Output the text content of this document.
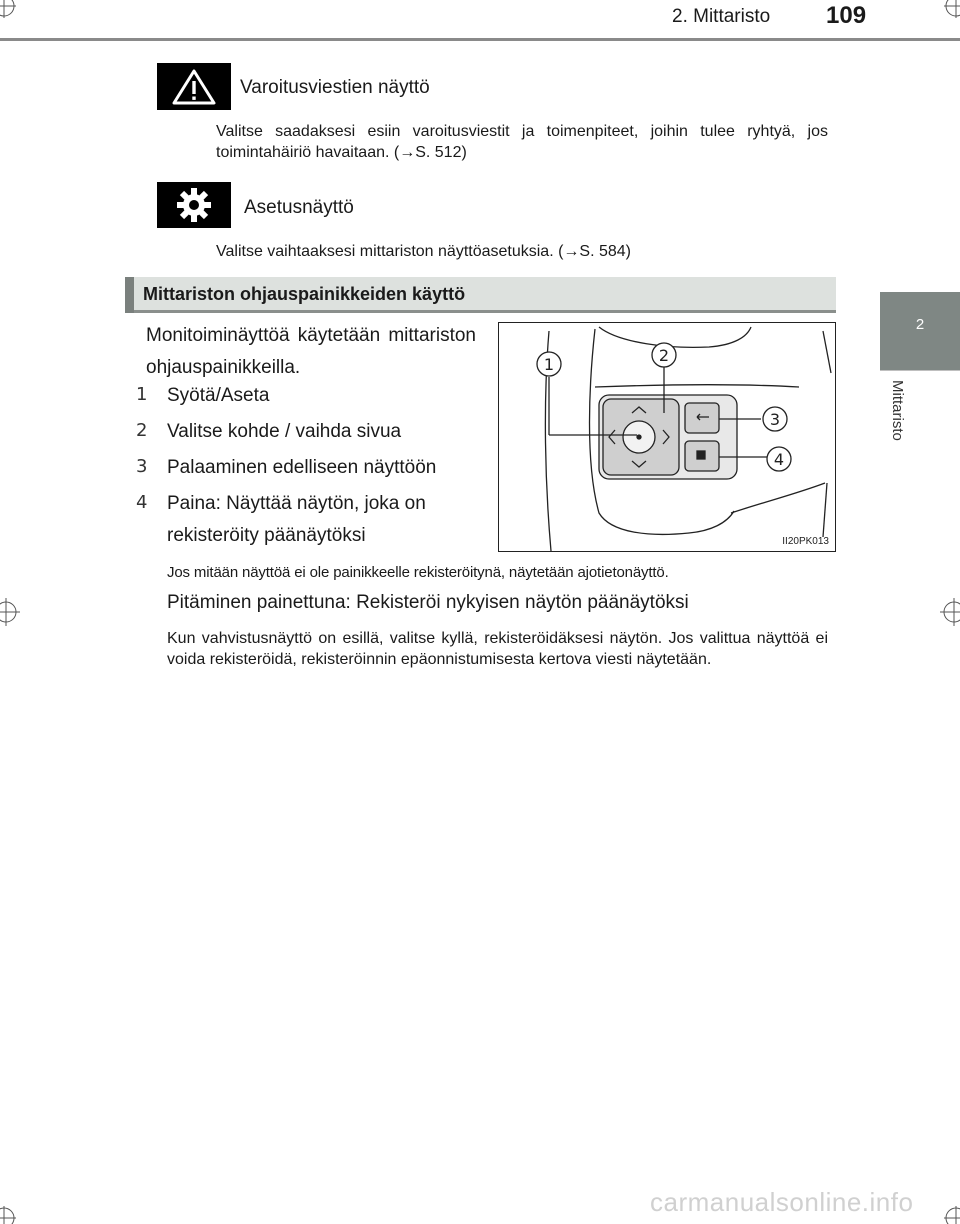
2. Mittaristo 109
2
Mittaristo
Varoitusviestien näyttö
Valitse saadaksesi esiin varoitusviestit ja toimenpiteet, joihin tulee ryhtyä, jos toimintahäiriö havaitaan. (→S. 512)
Asetusnäyttö
Valitse vaihtaaksesi mittariston näyttöasetuksia. (→S. 584)
Mittariston ohjauspainikkeiden käyttö
Monitoiminäyttöä käytetään mittariston ohjauspainikkeilla.
1 Syötä/Aseta
2 Valitse kohde / vaihda sivua
3 Palaaminen edelliseen näyttöön
4 Paina: Näyttää näytön, joka on
rekisteröity päänäytöksi
Jos mitään näyttöä ei ole painikkeelle rekisteröitynä, näytetään ajotietonäyttö.
Pitäminen painettuna: Rekisteröi nykyisen näytön päänäytöksi
Kun vahvistusnäyttö on esillä, valitse kyllä, rekisteröidäksesi näytön. Jos valittua näyttöä ei voida rekisteröidä, rekisteröinnin epäonnistumisesta kertova viesti näytetään.
1	2
3
4
II20PK013
carmanualsonline.info
